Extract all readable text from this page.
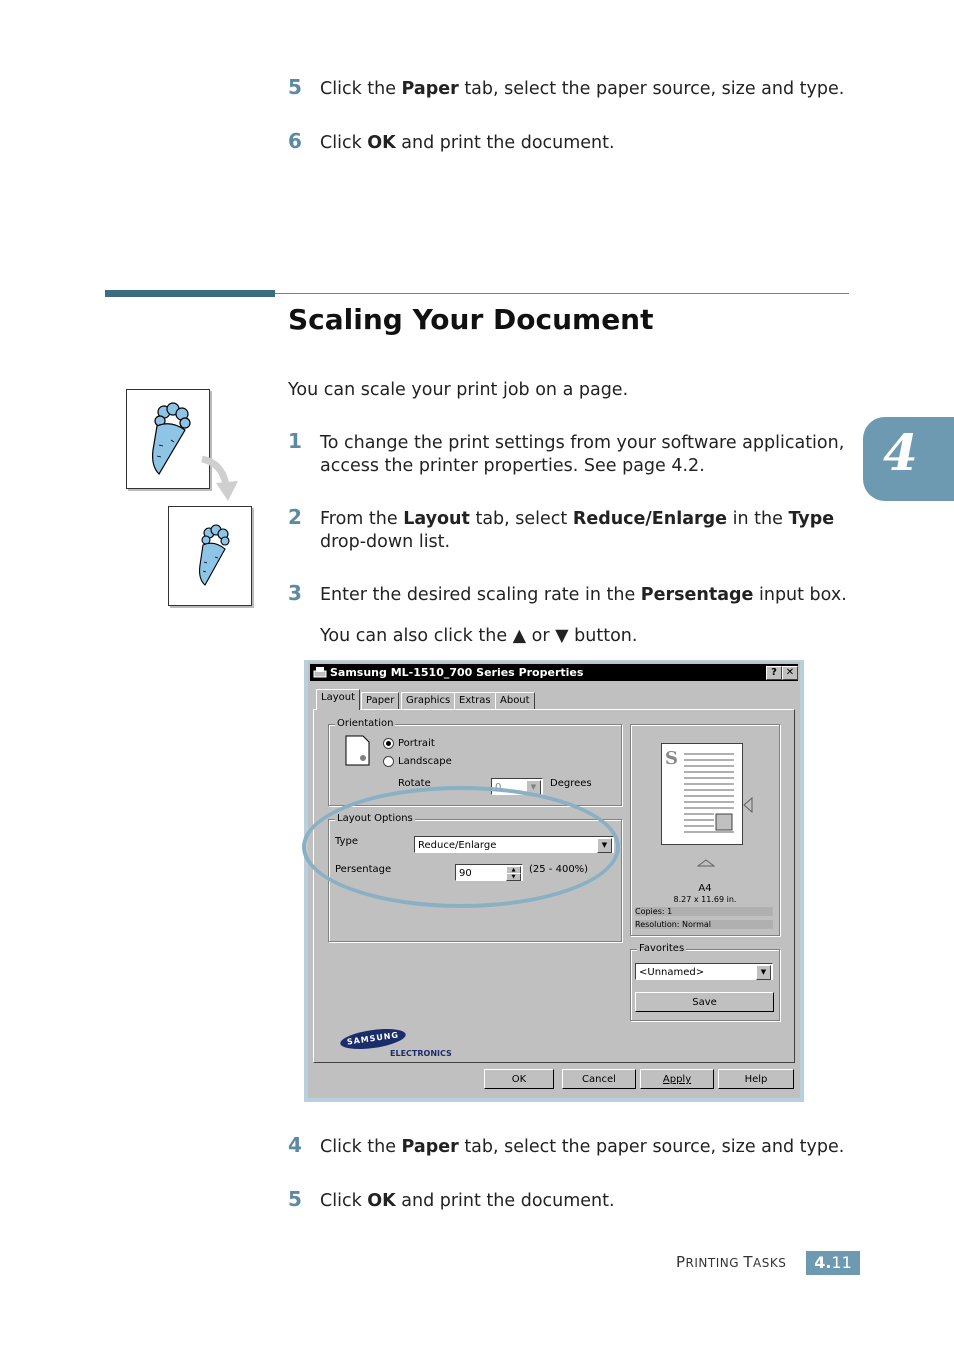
5	Click the Paper tab, select the paper source, size and type.
6	Click OK and print the document.
Scaling Your Document
4
You can scale your print job on a page.
1	To change the print settings from your software application, access the printer properties. See page 4.2.
2	From the Layout tab, select Reduce/Enlarge in the Type drop-down list.
3	Enter the desired scaling rate in the Persentage input box.
You can also click the ▲ or ▼ button.
Samsung ML-1510_700 Series Properties	? ✕
Layout	Paper	Graphics Extras About
Orientation
Portrait
Landscape
Rotate	0	▼	Degrees
Layout Options
Type	Reduce/Enlarge	▼
Persentage	90	▲
▼
(25 - 400%)
S
A4
8.27 x 11.69 in.
Copies: 1
Resolution: Normal
Favorites
<Unnamed>	▼
Save
SAMSUNG
ELECTRONICS
OK	Cancel	Apply	Help
4	Click the Paper tab, select the paper source, size and type.
5	Click OK and print the document.
PRINTING TASKS	4.11
